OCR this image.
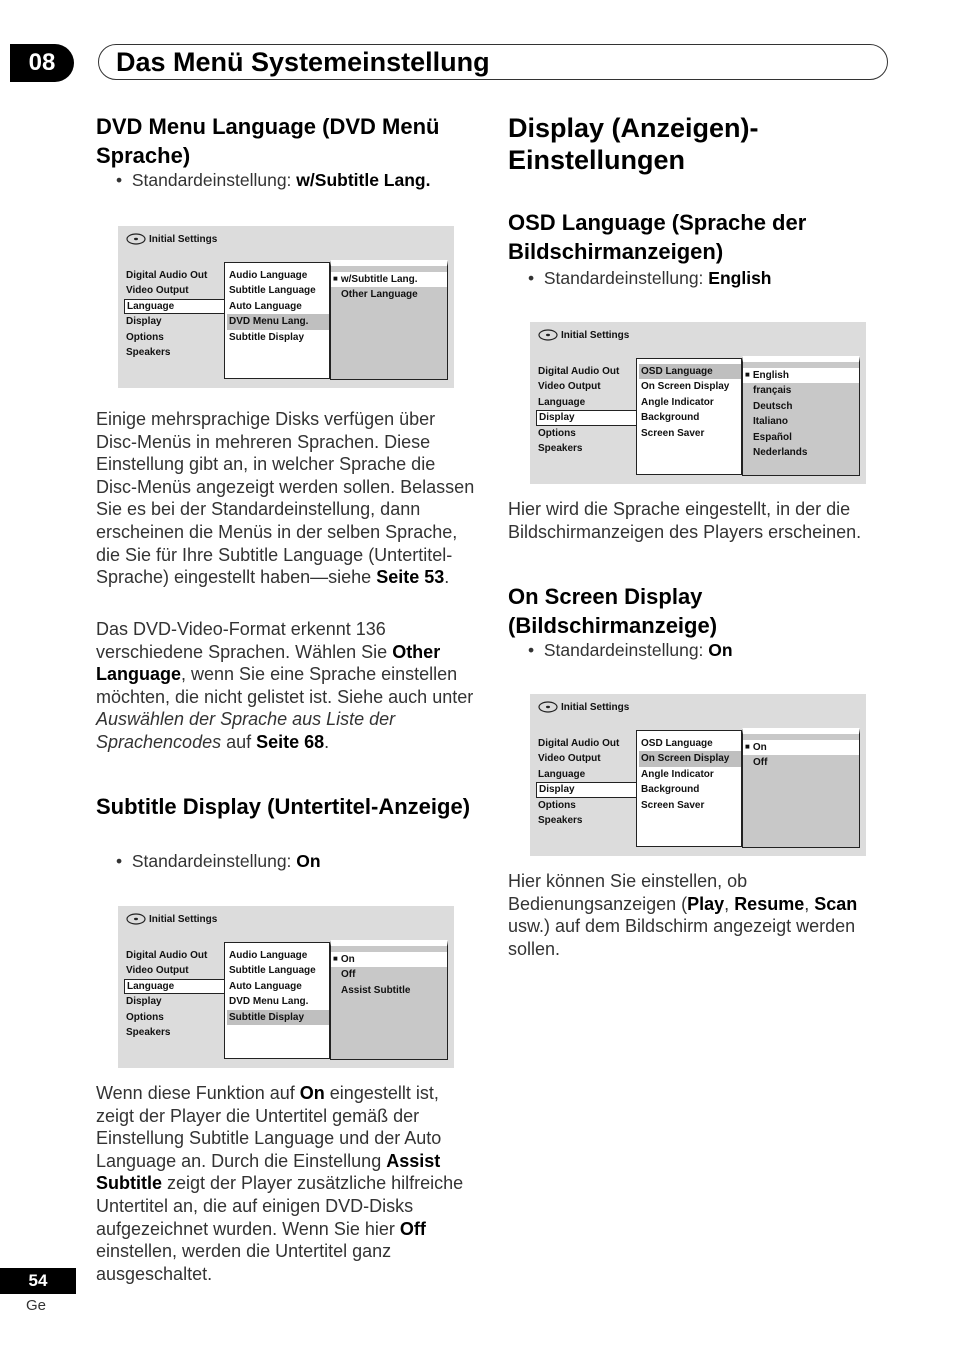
08 Das Menü Systemeinstellung
DVD Menu Language (DVD Menü Sprache)
•  Standardeinstellung: w/Subtitle Lang.
Initial Settings
Digital Audio Out
Video Output
Language
Display
Options
Speakers
Audio Language
Subtitle Language
Auto Language
DVD Menu Lang.
Subtitle Display
■ w/Subtitle Lang.
Other Language

Einige mehrsprachige Disks verfügen über Disc-Menüs in mehreren Sprachen. Diese Einstellung gibt an, in welcher Sprache die Disc-Menüs angezeigt werden sollen. Belassen Sie es bei der Standardeinstellung, dann erscheinen die Menüs in der selben Sprache, die Sie für Ihre Subtitle Language (Untertitel-Sprache) eingestellt haben—siehe Seite 53.

Das DVD-Video-Format erkennt 136 verschiedene Sprachen. Wählen Sie Other Language, wenn Sie eine Sprache einstellen möchten, die nicht gelistet ist. Siehe auch unter Auswählen der Sprache aus Liste der Sprachencodes auf Seite 68.

Subtitle Display (Untertitel-Anzeige)
•  Standardeinstellung: On
Initial Settings
Digital Audio Out
Video Output
Language
Display
Options
Speakers
Audio Language
Subtitle Language
Auto Language
DVD Menu Lang.
Subtitle Display
■ On
Off
Assist Subtitle

Wenn diese Funktion auf On eingestellt ist, zeigt der Player die Untertitel gemäß der Einstellung Subtitle Language und der Auto Language an. Durch die Einstellung Assist Subtitle zeigt der Player zusätzliche hilfreiche Untertitel an, die auf einigen DVD-Disks aufgezeichnet wurden. Wenn Sie hier Off einstellen, werden die Untertitel ganz ausgeschaltet.

Display (Anzeigen)-Einstellungen
OSD Language (Sprache der Bildschirmanzeigen)
•  Standardeinstellung: English
Initial Settings
Digital Audio Out
Video Output
Language
Display
Options
Speakers
OSD Language
On Screen Display
Angle Indicator
Background
Screen Saver
■ English
français
Deutsch
Italiano
Español
Nederlands

Hier wird die Sprache eingestellt, in der die Bildschirmanzeigen des Players erscheinen.

On Screen Display (Bildschirmanzeige)
•  Standardeinstellung: On
Initial Settings
Digital Audio Out
Video Output
Language
Display
Options
Speakers
OSD Language
On Screen Display
Angle Indicator
Background
Screen Saver
■ On
Off

Hier können Sie einstellen, ob Bedienungsanzeigen (Play, Resume, Scan usw.) auf dem Bildschirm angezeigt werden sollen.

54
Ge
